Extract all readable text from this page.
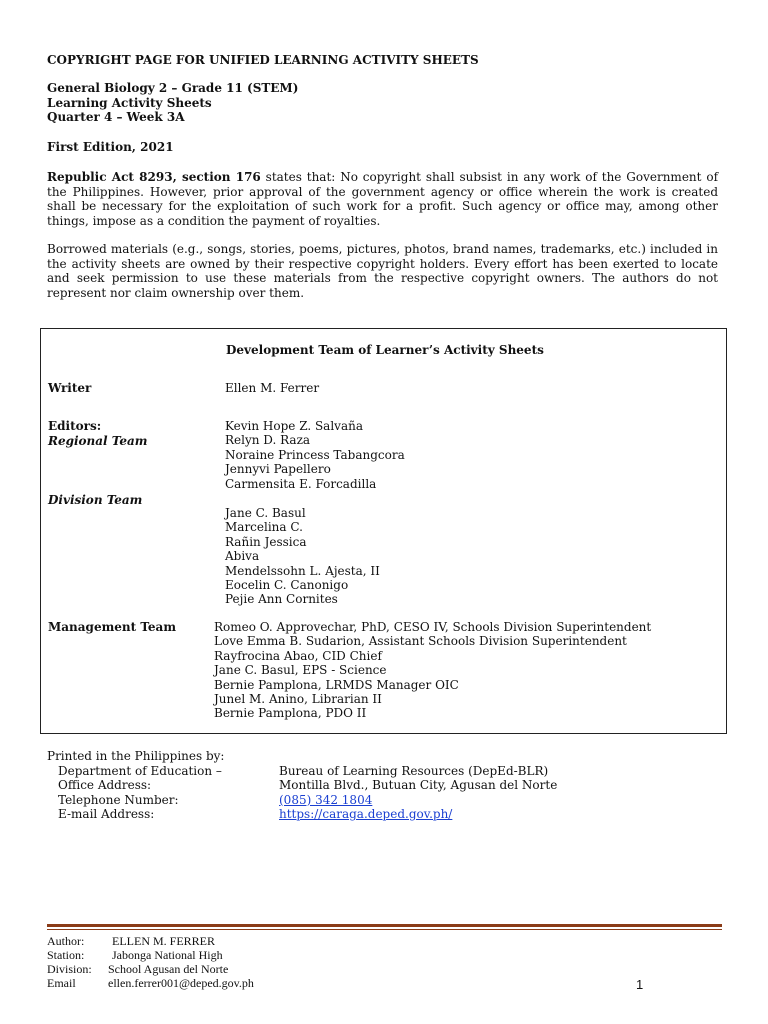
COPYRIGHT PAGE FOR UNIFIED LEARNING ACTIVITY SHEETS
General Biology 2 – Grade 11 (STEM)
Learning Activity Sheets
Quarter 4 – Week 3A
First Edition, 2021
Republic Act 8293, section 176 states that: No copyright shall subsist in any work of the Government of the Philippines. However, prior approval of the government agency or office wherein the work is created shall be necessary for the exploitation of such work for a profit. Such agency or office may, among other things, impose as a condition the payment of royalties.
Borrowed materials (e.g., songs, stories, poems, pictures, photos, brand names, trademarks, etc.) included in the activity sheets are owned by their respective copyright holders. Every effort has been exerted to locate and seek permission to use these materials from the respective copyright owners. The authors do not represent nor claim ownership over them.
Development Team of Learner’s Activity Sheets
Writer	Ellen M. Ferrer
Editors:
Regional Team
Kevin Hope Z. Salvaña
Relyn D. Raza
Noraine Princess Tabangcora
Jennyvi Papellero
Carmensita E. Forcadilla
Division Team
Jane C. Basul
Marcelina C.
Rañin Jessica
Abiva
Mendelssohn L. Ajesta, II
Eocelin C. Canonigo
Pejie Ann Cornites
Management Team	Romeo O. Approvechar, PhD, CESO IV, Schools Division Superintendent
Love Emma B. Sudarion, Assistant Schools Division Superintendent
Rayfrocina Abao, CID Chief
Jane C. Basul, EPS - Science
Bernie Pamplona, LRMDS Manager OIC
Junel M. Anino, Librarian II
Bernie Pamplona, PDO II
Printed in the Philippines by:
Department of Education –	Bureau of Learning Resources (DepEd-BLR)
Office Address:	Montilla Blvd., Butuan City, Agusan del Norte
Telephone Number:	(085) 342 1804
E-mail Address:	https://caraga.deped.gov.ph/
Author: ELLEN M. FERRER
Station: Jabonga National High
Division: School Agusan del Norte
Email	ellen.ferrer001@deped.gov.ph	1
